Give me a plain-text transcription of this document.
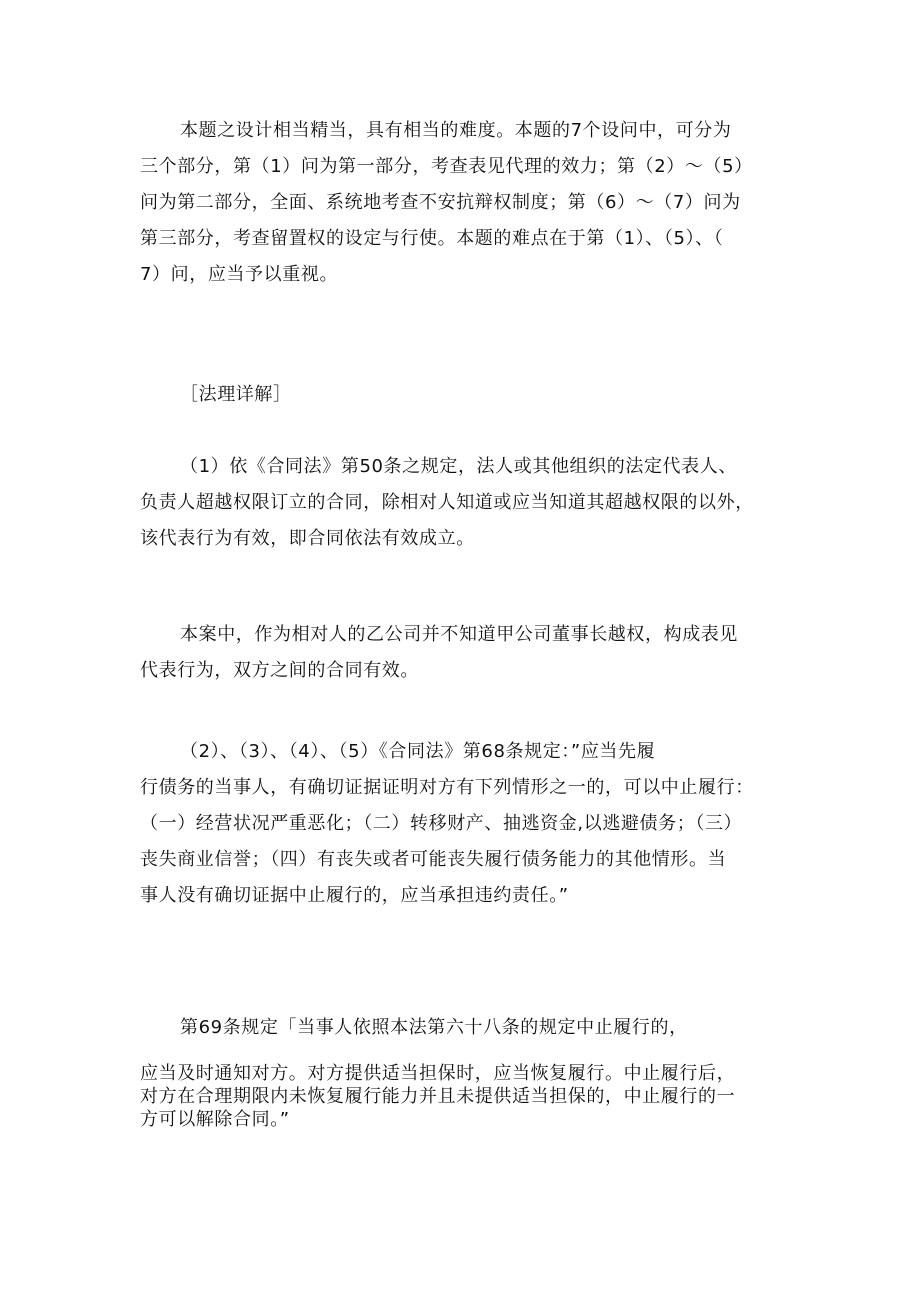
本题之设计相当精当，具有相当的难度。本题的7个设问中，可分为
三个部分，第（1）问为第一部分，考查表见代理的效力；第（2）〜（5）
问为第二部分，全面、系统地考查不安抗辩权制度；第（6）〜（7）问为
第三部分，考查留置权的设定与行使。本题的难点在于第（1）、（5）、（
7）问，应当予以重视。
［法理详解］
（1）依《合同法》第50条之规定，法人或其他组织的法定代表人、
负责人超越权限订立的合同，除相对人知道或应当知道其超越权限的以外，
该代表行为有效，即合同依法有效成立。
本案中，作为相对人的乙公司并不知道甲公司董事长越权，构成表见
代表行为，双方之间的合同有效。
（2）、（3）、（4）、（5）《合同法》第68条规定：”应当先履
行债务的当事人，有确切证据证明对方有下列情形之一的，可以中止履行：
（一）经营状况严重恶化；（二）转移财产、抽逃资金,以逃避债务；（三）
丧失商业信誉；（四）有丧失或者可能丧失履行债务能力的其他情形。当
事人没有确切证据中止履行的，应当承担违约责任。”
第69条规定「当事人依照本法第六十八条的规定中止履行的，
应当及时通知对方。对方提供适当担保时，应当恢复履行。中止履行后，
对方在合理期限内未恢复履行能力并且未提供适当担保的，中止履行的一
方可以解除合同。”
